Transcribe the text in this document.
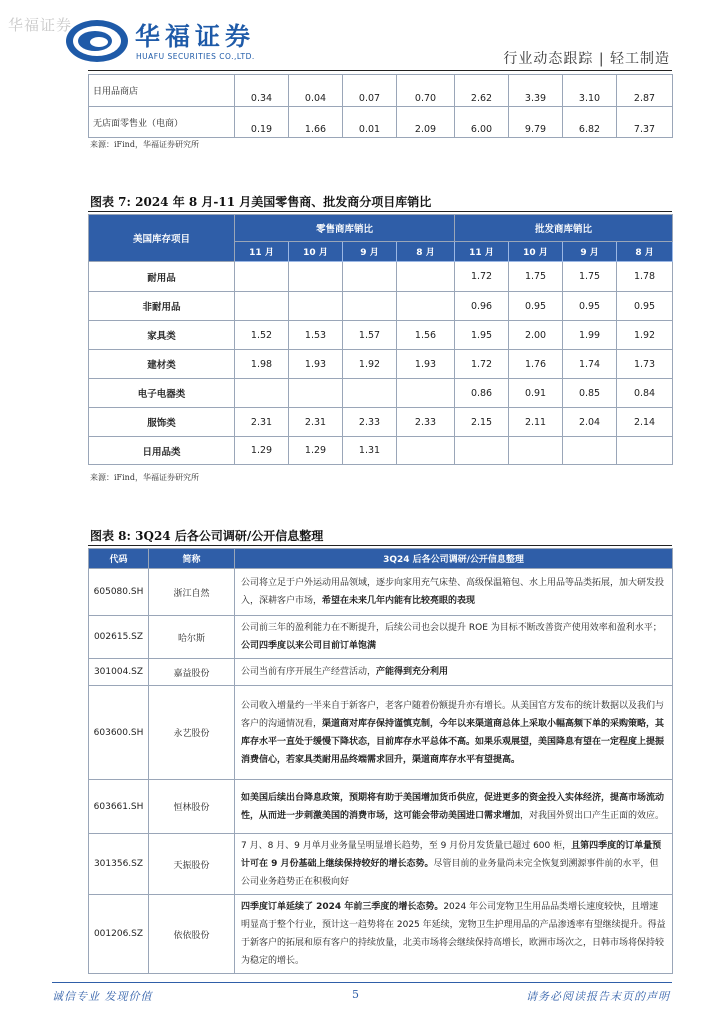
华福证券	华福证券
HUAFU SECURITIES CO.,LTD.	行业动态跟踪 | 轻工制造
日用品商店	0.34	0.04	0.07	0.70	2.62	3.39	3.10	2.87
无店面零售业（电商）	0.19	1.66	0.01	2.09	6.00	9.79	6.82	7.37
来源：iFind，华福证券研究所
图表 7: 2024 年 8 月-11 月美国零售商、批发商分项目库销比
美国库存项目	零售商库销比				批发商库销比			
	11 月	10 月	9 月	8 月	11 月	10 月	9 月	8 月
耐用品					1.72	1.75	1.75	1.78
非耐用品					0.96	0.95	0.95	0.95
家具类	1.52	1.53	1.57	1.56	1.95	2.00	1.99	1.92
建材类	1.98	1.93	1.92	1.93	1.72	1.76	1.74	1.73
电子电器类					0.86	0.91	0.85	0.84
服饰类	2.31	2.31	2.33	2.33	2.15	2.11	2.04	2.14
日用品类	1.29	1.29	1.31					
来源：iFind，华福证券研究所
图表 8: 3Q24 后各公司调研/公开信息整理
代码	简称	3Q24 后各公司调研/公开信息整理
605080.SH	浙江自然	公司将立足于户外运动用品领域，逐步向家用充气床垫、高级保温箱包、水上用品等品类拓展，加大研发投入，深耕客户市场，希望在未来几年内能有比较亮眼的表现
002615.SZ	哈尔斯	公司前三年的盈利能力在不断提升，后续公司也会以提升 ROE 为目标不断改善资产使用效率和盈利水平；公司四季度以来公司目前订单饱满
301004.SZ	嘉益股份	公司当前有序开展生产经营活动，产能得到充分利用
603600.SH	永艺股份	公司收入增量约一半来自于新客户，老客户随着份额提升亦有增长。从美国官方发布的统计数据以及我们与客户的沟通情况看，渠道商对库存保持谨慎克制，今年以来渠道商总体上采取小幅高频下单的采购策略，其库存水平一直处于缓慢下降状态，目前库存水平总体不高。如果乐观展望，美国降息有望在一定程度上提振消费信心，若家具类耐用品终端需求回升，渠道商库存水平有望提高。
603661.SH	恒林股份	如美国后续出台降息政策，预期将有助于美国增加货币供应，促进更多的资金投入实体经济，提高市场流动性，从而进一步刺激美国的消费市场，这可能会带动美国进口需求增加，对我国外贸出口产生正面的效应。
301356.SZ	天振股份	7 月、8 月、9 月单月业务量呈明显增长趋势，至 9 月份月发货量已超过 600 柜，且第四季度的订单量预计可在 9 月份基础上继续保持较好的增长态势。尽管目前的业务量尚未完全恢复到溯源事件前的水平，但公司业务趋势正在积极向好
001206.SZ	依依股份	四季度订单延续了 2024 年前三季度的增长态势。2024 年公司宠物卫生用品品类增长速度较快，且增速明显高于整个行业，预计这一趋势将在 2025 年延续，宠物卫生护理用品的产品渗透率有望继续提升。得益于新客户的拓展和原有客户的持续放量，北美市场将会继续保持高增长，欧洲市场次之，日韩市场将保持较为稳定的增长。
诚信专业 发现价值	5	请务必阅读报告末页的声明
